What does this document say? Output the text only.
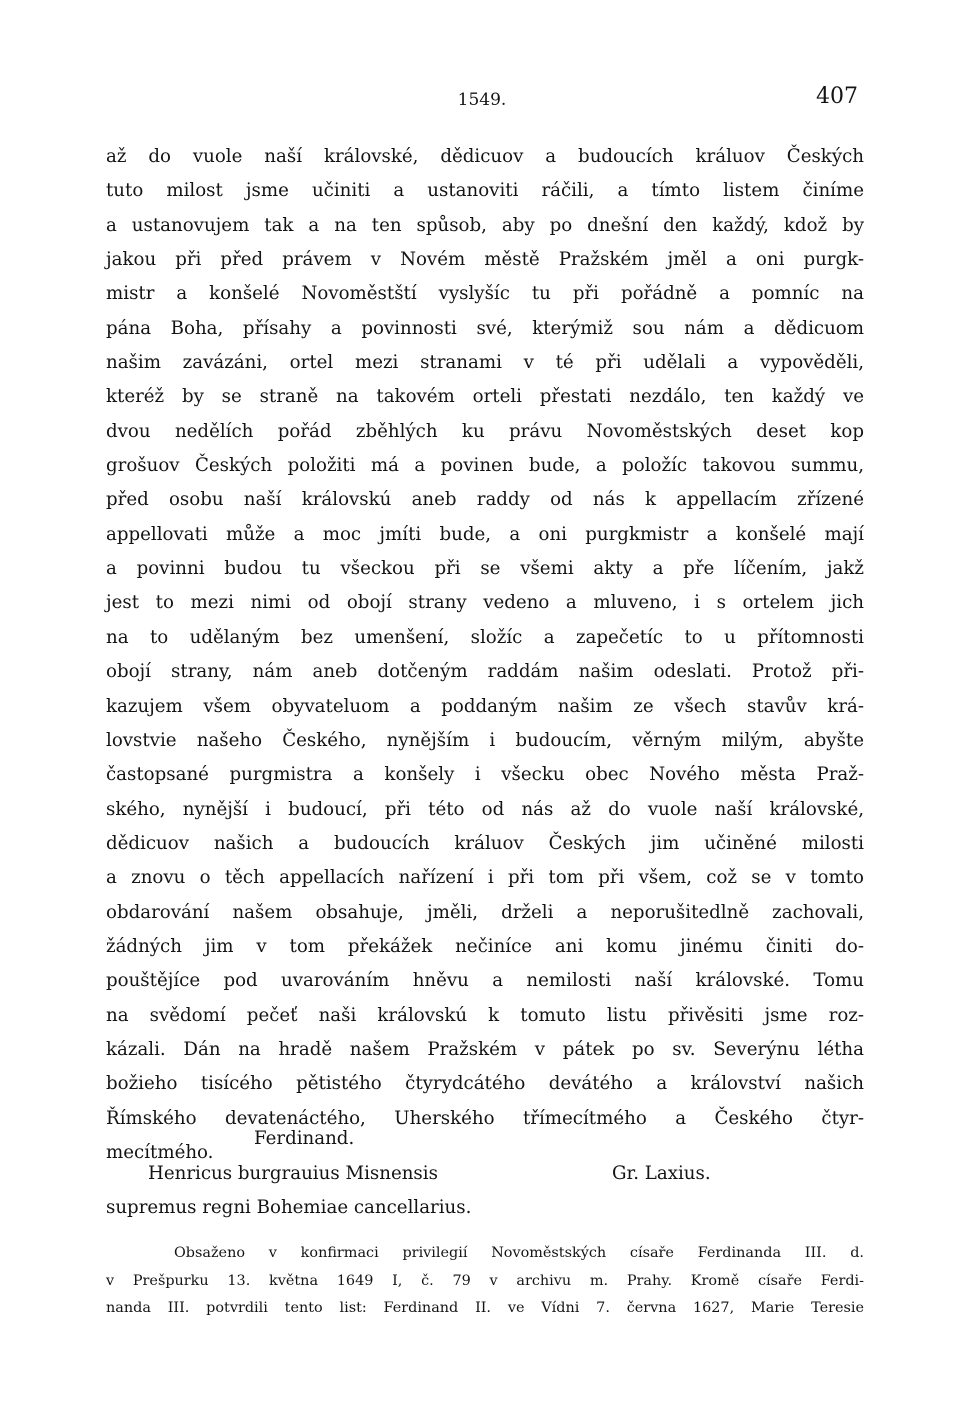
1549.	407
až do vuole naší královské, dědicuov a budoucích králuov Českých
tuto milost jsme učiniti a ustanoviti ráčili, a tímto listem činíme
a ustanovujem tak a na ten spůsob, aby po dnešní den každý, kdož by
jakou při před právem v Novém městě Pražském jměl a oni purgk-
mistr a konšelé Novoměstští vyslyšíc tu při pořádně a pomníc na
pána Boha, přísahy a povinnosti své, kterýmiž sou nám a dědicuom
našim zavázáni, ortel mezi stranami v té při udělali a vypověděli,
kteréž by se straně na takovém orteli přestati nezdálo, ten každý ve
dvou nedělích pořád zběhlých ku právu Novoměstských deset kop
grošuov Českých položiti má a povinen bude, a položíc takovou summu,
před osobu naší královskú aneb raddy od nás k appellacím zřízené
appellovati může a moc jmíti bude, a oni purgkmistr a konšelé mají
a povinni budou tu všeckou při se všemi akty a pře líčením, jakž
jest to mezi nimi od obojí strany vedeno a mluveno, i s ortelem jich
na to udělaným bez umenšení, složíc a zapečetíc to u přítomnosti
obojí strany, nám aneb dotčeným raddám našim odeslati. Protož při-
kazujem všem obyvateluom a poddaným našim ze všech stavův krá-
lovstvie našeho Českého, nynějším i budoucím, věrným milým, abyšte
častopsané purgmistra a konšely i všecku obec Nového města Praž-
ského, nynější i budoucí, při této od nás až do vuole naší královské,
dědicuov našich a budoucích králuov Českých jim učiněné milosti
a znovu o těch appellacích nařízení i při tom při všem, což se v tomto
obdarování našem obsahuje, jměli, drželi a neporušitedlně zachovali,
žádných jim v tom překážek nečiníce ani komu jinému činiti do-
pouštějíce pod uvarováním hněvu a nemilosti naší královské. Tomu
na svědomí pečeť naši královskú k tomuto listu přivěsiti jsme roz-
kázali. Dán na hradě našem Pražském v pátek po sv. Severýnu létha
božieho tisícého pětistého čtyrydcátého devátého a království našich
Římského devatenáctého, Uherského třímecítmého a Českého čtyr-
mecítmého.
Ferdinand.
Henricus burgrauius Misnensis	Gr. Laxius.
supremus regni Bohemiae cancellarius.
Obsaženo v konfirmaci privilegií Novoměstských císaře Ferdinanda III. d.
v Prešpurku 13. května 1649 I, č. 79 v archivu m. Prahy. Kromě císaře Ferdi-
nanda III. potvrdili tento list: Ferdinand II. ve Vídni 7. června 1627, Marie Teresie
